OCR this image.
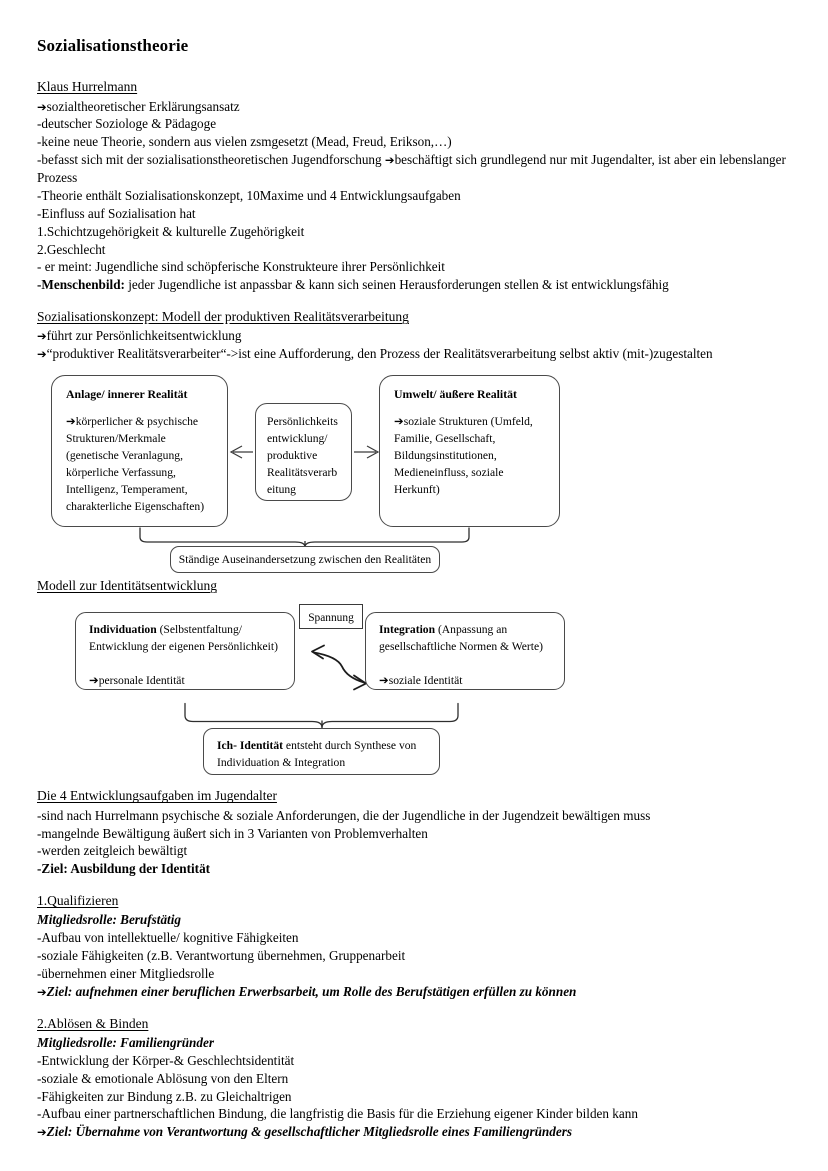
Sozialisationstheorie
Klaus Hurrelmann

➔sozialtheoretischer Erklärungsansatz

-deutscher Soziologe & Pädagoge

-keine neue Theorie, sondern aus vielen zsmgesetzt (Mead, Freud, Erikson,…)

-befasst sich mit der sozialisationstheoretischen Jugendforschung ➔beschäftigt sich grundlegend nur mit Jugendalter, ist aber ein lebenslanger Prozess

-Theorie enthält Sozialisationskonzept, 10Maxime und 4 Entwicklungsaufgaben

-Einfluss auf Sozialisation hat

1.Schichtzugehörigkeit & kulturelle Zugehörigkeit

2.Geschlecht

- er meint: Jugendliche sind schöpferische Konstrukteure ihrer Persönlichkeit

-Menschenbild: jeder Jugendliche ist anpassbar & kann sich seinen Herausforderungen stellen & ist entwicklungsfähig

Sozialisationskonzept: Modell der produktiven Realitätsverarbeitung

➔führt zur Persönlichkeitsentwicklung

➔“produktiver Realitätsverarbeiter“->ist eine Aufforderung, den Prozess der Realitätsverarbeitung selbst aktiv (mit-)zugestalten

Anlage/ innerer Realität
➔körperlicher & psychische Strukturen/Merkmale (genetische Veranlagung, körperliche Verfassung, Intelligenz, Temperament, charakterliche Eigenschaften)
Persönlichkeits entwicklung/ produktive Realitätsverarb eitung
Umwelt/ äußere Realität
➔soziale Strukturen (Umfeld, Familie, Gesellschaft, Bildungsinstitutionen, Medieneinfluss, soziale Herkunft)
Ständige Auseinandersetzung zwischen den Realitäten
Modell zur Identitätsentwicklung
Individuation (Selbstentfaltung/ Entwicklung der eigenen Persönlichkeit)

➔personale Identität
Spannung
Integration (Anpassung an gesellschaftliche Normen & Werte)

➔soziale Identität
Ich- Identität entsteht durch Synthese von Individuation & Integration
Die 4 Entwicklungsaufgaben im Jugendalter

-sind nach Hurrelmann psychische & soziale Anforderungen, die der Jugendliche in der Jugendzeit bewältigen muss

-mangelnde Bewältigung äußert sich in 3 Varianten von Problemverhalten

-werden zeitgleich bewältigt

-Ziel: Ausbildung der Identität

1.Qualifizieren

Mitgliedsrolle: Berufstätig

-Aufbau von intellektuelle/ kognitive Fähigkeiten

-soziale Fähigkeiten (z.B. Verantwortung übernehmen, Gruppenarbeit

-übernehmen einer Mitgliedsrolle

➔Ziel: aufnehmen einer beruflichen Erwerbsarbeit, um Rolle des Berufstätigen erfüllen zu können

2.Ablösen & Binden

Mitgliedsrolle: Familiengründer

-Entwicklung der Körper-& Geschlechtsidentität

-soziale & emotionale Ablösung von den Eltern

-Fähigkeiten zur Bindung z.B. zu Gleichaltrigen

-Aufbau einer partnerschaftlichen Bindung, die langfristig die Basis für die Erziehung eigener Kinder bilden kann

➔Ziel: Übernahme von Verantwortung & gesellschaftlicher Mitgliedsrolle eines Familiengründers
